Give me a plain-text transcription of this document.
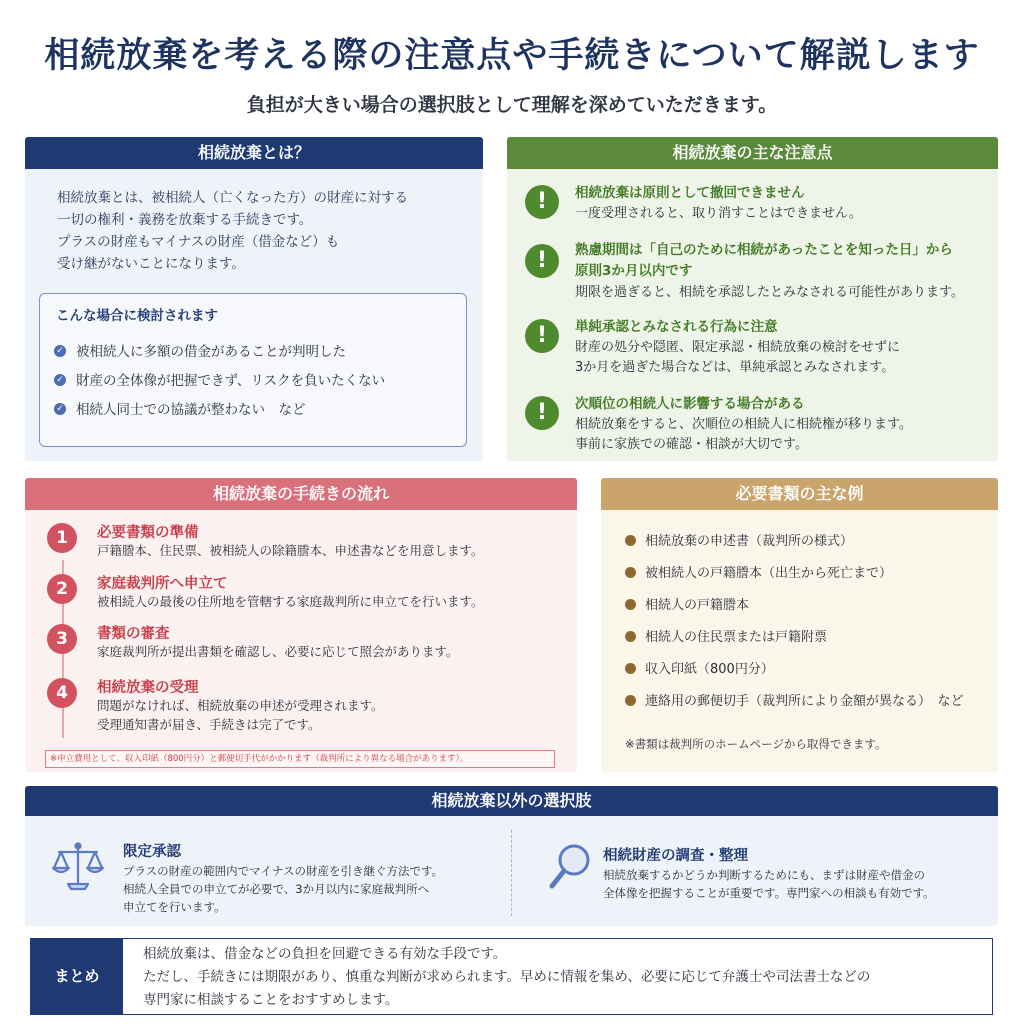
相続放棄を考える際の注意点や手続きについて解説します
負担が大きい場合の選択肢として理解を深めていただきます。
相続放棄とは？
相続放棄とは、被相続人（亡くなった方）の財産に対する
一切の権利・義務を放棄する手続きです。
プラスの財産もマイナスの財産（借金など）も
受け継がないことになります。
こんな場合に検討されます
✓ 被相続人に多額の借金があることが判明した
✓ 財産の全体像が把握できず、リスクを負いたくない
✓ 相続人同士での協議が整わない　など
相続放棄の主な注意点
!	相続放棄は原則として撤回できません
一度受理されると、取り消すことはできません。
!	熟慮期間は「自己のために相続があったことを知った日」から
原則3か月以内です
期限を過ぎると、相続を承認したとみなされる可能性があります。
!	単純承認とみなされる行為に注意
財産の処分や隠匿、限定承認・相続放棄の検討をせずに
3か月を過ぎた場合などは、単純承認とみなされます。
!	次順位の相続人に影響する場合がある
相続放棄をすると、次順位の相続人に相続権が移ります。
事前に家族での確認・相談が大切です。
相続放棄の手続きの流れ
1	必要書類の準備
戸籍謄本、住民票、被相続人の除籍謄本、申述書などを用意します。
2	家庭裁判所へ申立て
被相続人の最後の住所地を管轄する家庭裁判所に申立てを行います。
3	書類の審査
家庭裁判所が提出書類を確認し、必要に応じて照会があります。
4	相続放棄の受理
問題がなければ、相続放棄の申述が受理されます。
受理通知書が届き、手続きは完了です。
※申立費用として、収入印紙（800円分）と郵便切手代がかかります（裁判所により異なる場合があります）。
必要書類の主な例
相続放棄の申述書（裁判所の様式）
被相続人の戸籍謄本（出生から死亡まで）
相続人の戸籍謄本
相続人の住民票または戸籍附票
収入印紙（800円分）
連絡用の郵便切手（裁判所により金額が異なる）　など
※書類は裁判所のホームページから取得できます。
相続放棄以外の選択肢
限定承認
プラスの財産の範囲内でマイナスの財産を引き継ぐ方法です。
相続人全員での申立てが必要で、3か月以内に家庭裁判所へ
申立てを行います。
相続財産の調査・整理
相続放棄するかどうか判断するためにも、まずは財産や借金の
全体像を把握することが重要です。専門家への相談も有効です。
まとめ
相続放棄は、借金などの負担を回避できる有効な手段です。
ただし、手続きには期限があり、慎重な判断が求められます。早めに情報を集め、必要に応じて弁護士や司法書士などの
専門家に相談することをおすすめします。
